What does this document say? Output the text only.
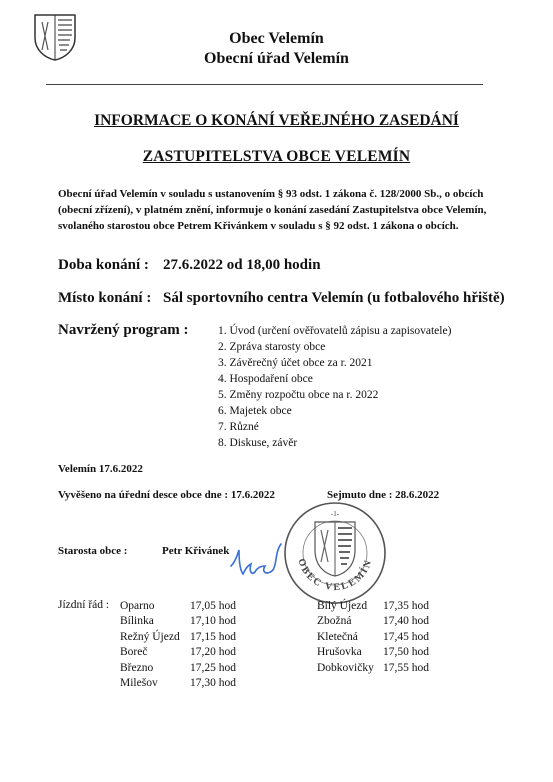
Obec Velemín
Obecní úřad Velemín
INFORMACE O KONÁNÍ VEŘEJNÉHO ZASEDÁNÍ
ZASTUPITELSTVA OBCE VELEMÍN
Obecní úřad Velemín v souladu s ustanovením § 93 odst. 1 zákona č. 128/2000 Sb., o obcích (obecní zřízení), v platném znění, informuje o konání zasedání Zastupitelstva obce Velemín, svolaného starostou obce Petrem Křivánkem v souladu s § 92 odst. 1 zákona o obcích.
Doba konání : 27.6.2022 od 18,00 hodin
Místo konání : Sál sportovního centra Velemín (u fotbalového hřiště)
Navržený program :	1. Úvod (určení ověřovatelů zápisu a zapisovatele)
2. Zpráva starosty obce
3. Závěrečný účet obce za r. 2021
4. Hospodaření obce
5. Změny rozpočtu obce na r. 2022
6. Majetek obce
7. Různé
8. Diskuse, závěr
Velemín 17.6.2022
Vyvěšeno na úřední desce obce dne : 17.6.2022	Sejmuto dne : 28.6.2022
-1-
OBEC VELEMÍN
Starosta obce :	Petr Křivánek
Jízdní řád : Oparno	17,05 hod
Bílinka	17,10 hod
Režný Újezd 17,15 hod
Boreč	17,20 hod
Březno	17,25 hod
Milešov	17,30 hod
Bílý Újezd	17,35 hod
Zbožná	17,40 hod
Kletečná	17,45 hod
Hrušovka	17,50 hod
Dobkovičky 17,55 hod
